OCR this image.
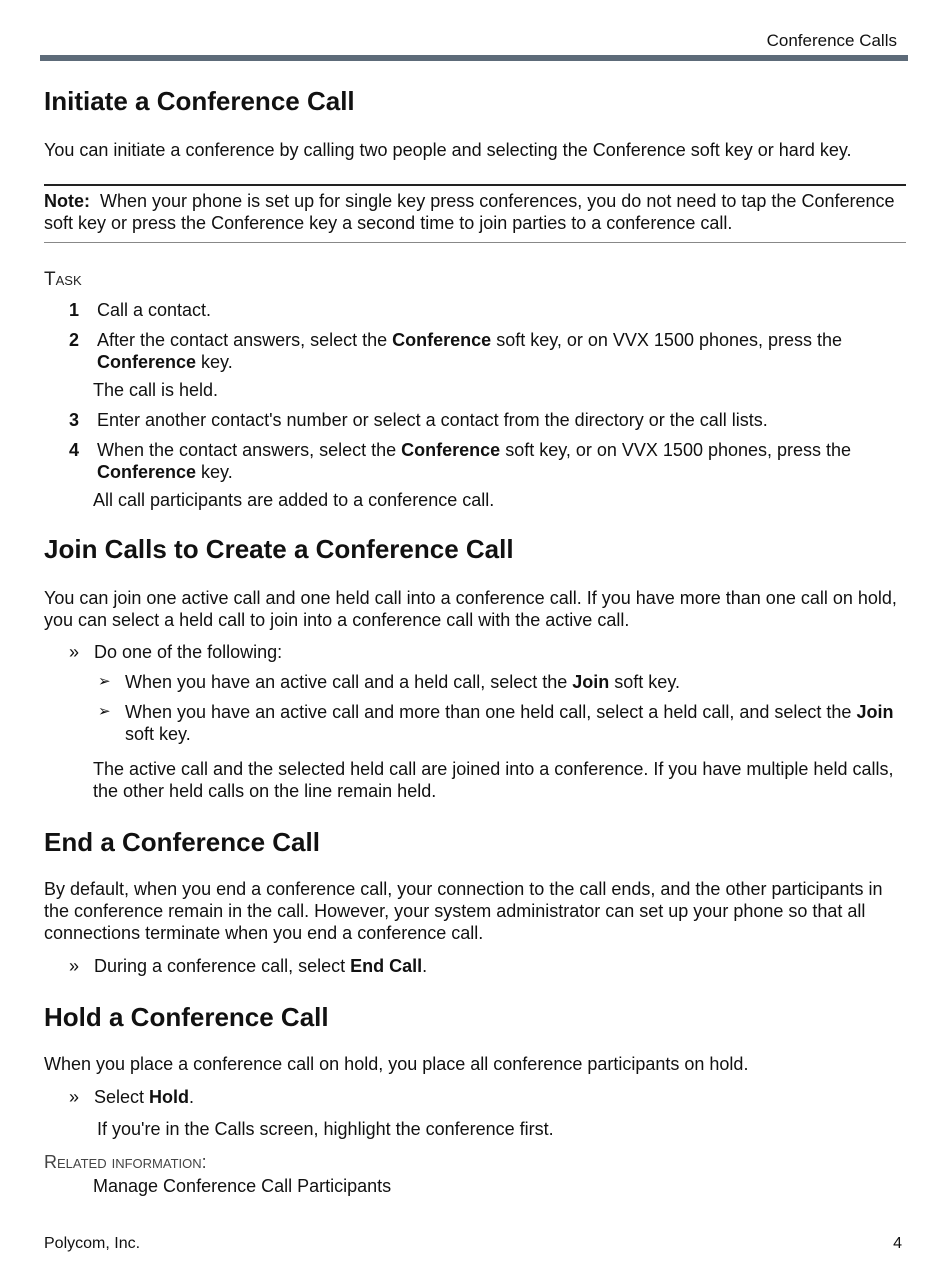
Conference Calls
Initiate a Conference Call

You can initiate a conference by calling two people and selecting the Conference soft key or hard key.

Note: When your phone is set up for single key press conferences, you do not need to tap the Conference soft key or press the Conference key a second time to join parties to a conference call.
Task
1 Call a contact.
2 After the contact answers, select the Conference soft key, or on VVX 1500 phones, press the Conference key.
The call is held.
3 Enter another contact's number or select a contact from the directory or the call lists.
4 When the contact answers, select the Conference soft key, or on VVX 1500 phones, press the Conference key.
All call participants are added to a conference call.
Join Calls to Create a Conference Call

You can join one active call and one held call into a conference call. If you have more than one call on hold, you can select a held call to join into a conference call with the active call.

» Do one of the following:
➢ When you have an active call and a held call, select the Join soft key.
➢ When you have an active call and more than one held call, select a held call, and select the Join soft key.

The active call and the selected held call are joined into a conference. If you have multiple held calls, the other held calls on the line remain held.

End a Conference Call

By default, when you end a conference call, your connection to the call ends, and the other participants in the conference remain in the call. However, your system administrator can set up your phone so that all connections terminate when you end a conference call.

» During a conference call, select End Call.
Hold a Conference Call

When you place a conference call on hold, you place all conference participants on hold.

» Select Hold.

If you're in the Calls screen, highlight the conference first.

Related information:
Manage Conference Call Participants
Polycom, Inc.	4
